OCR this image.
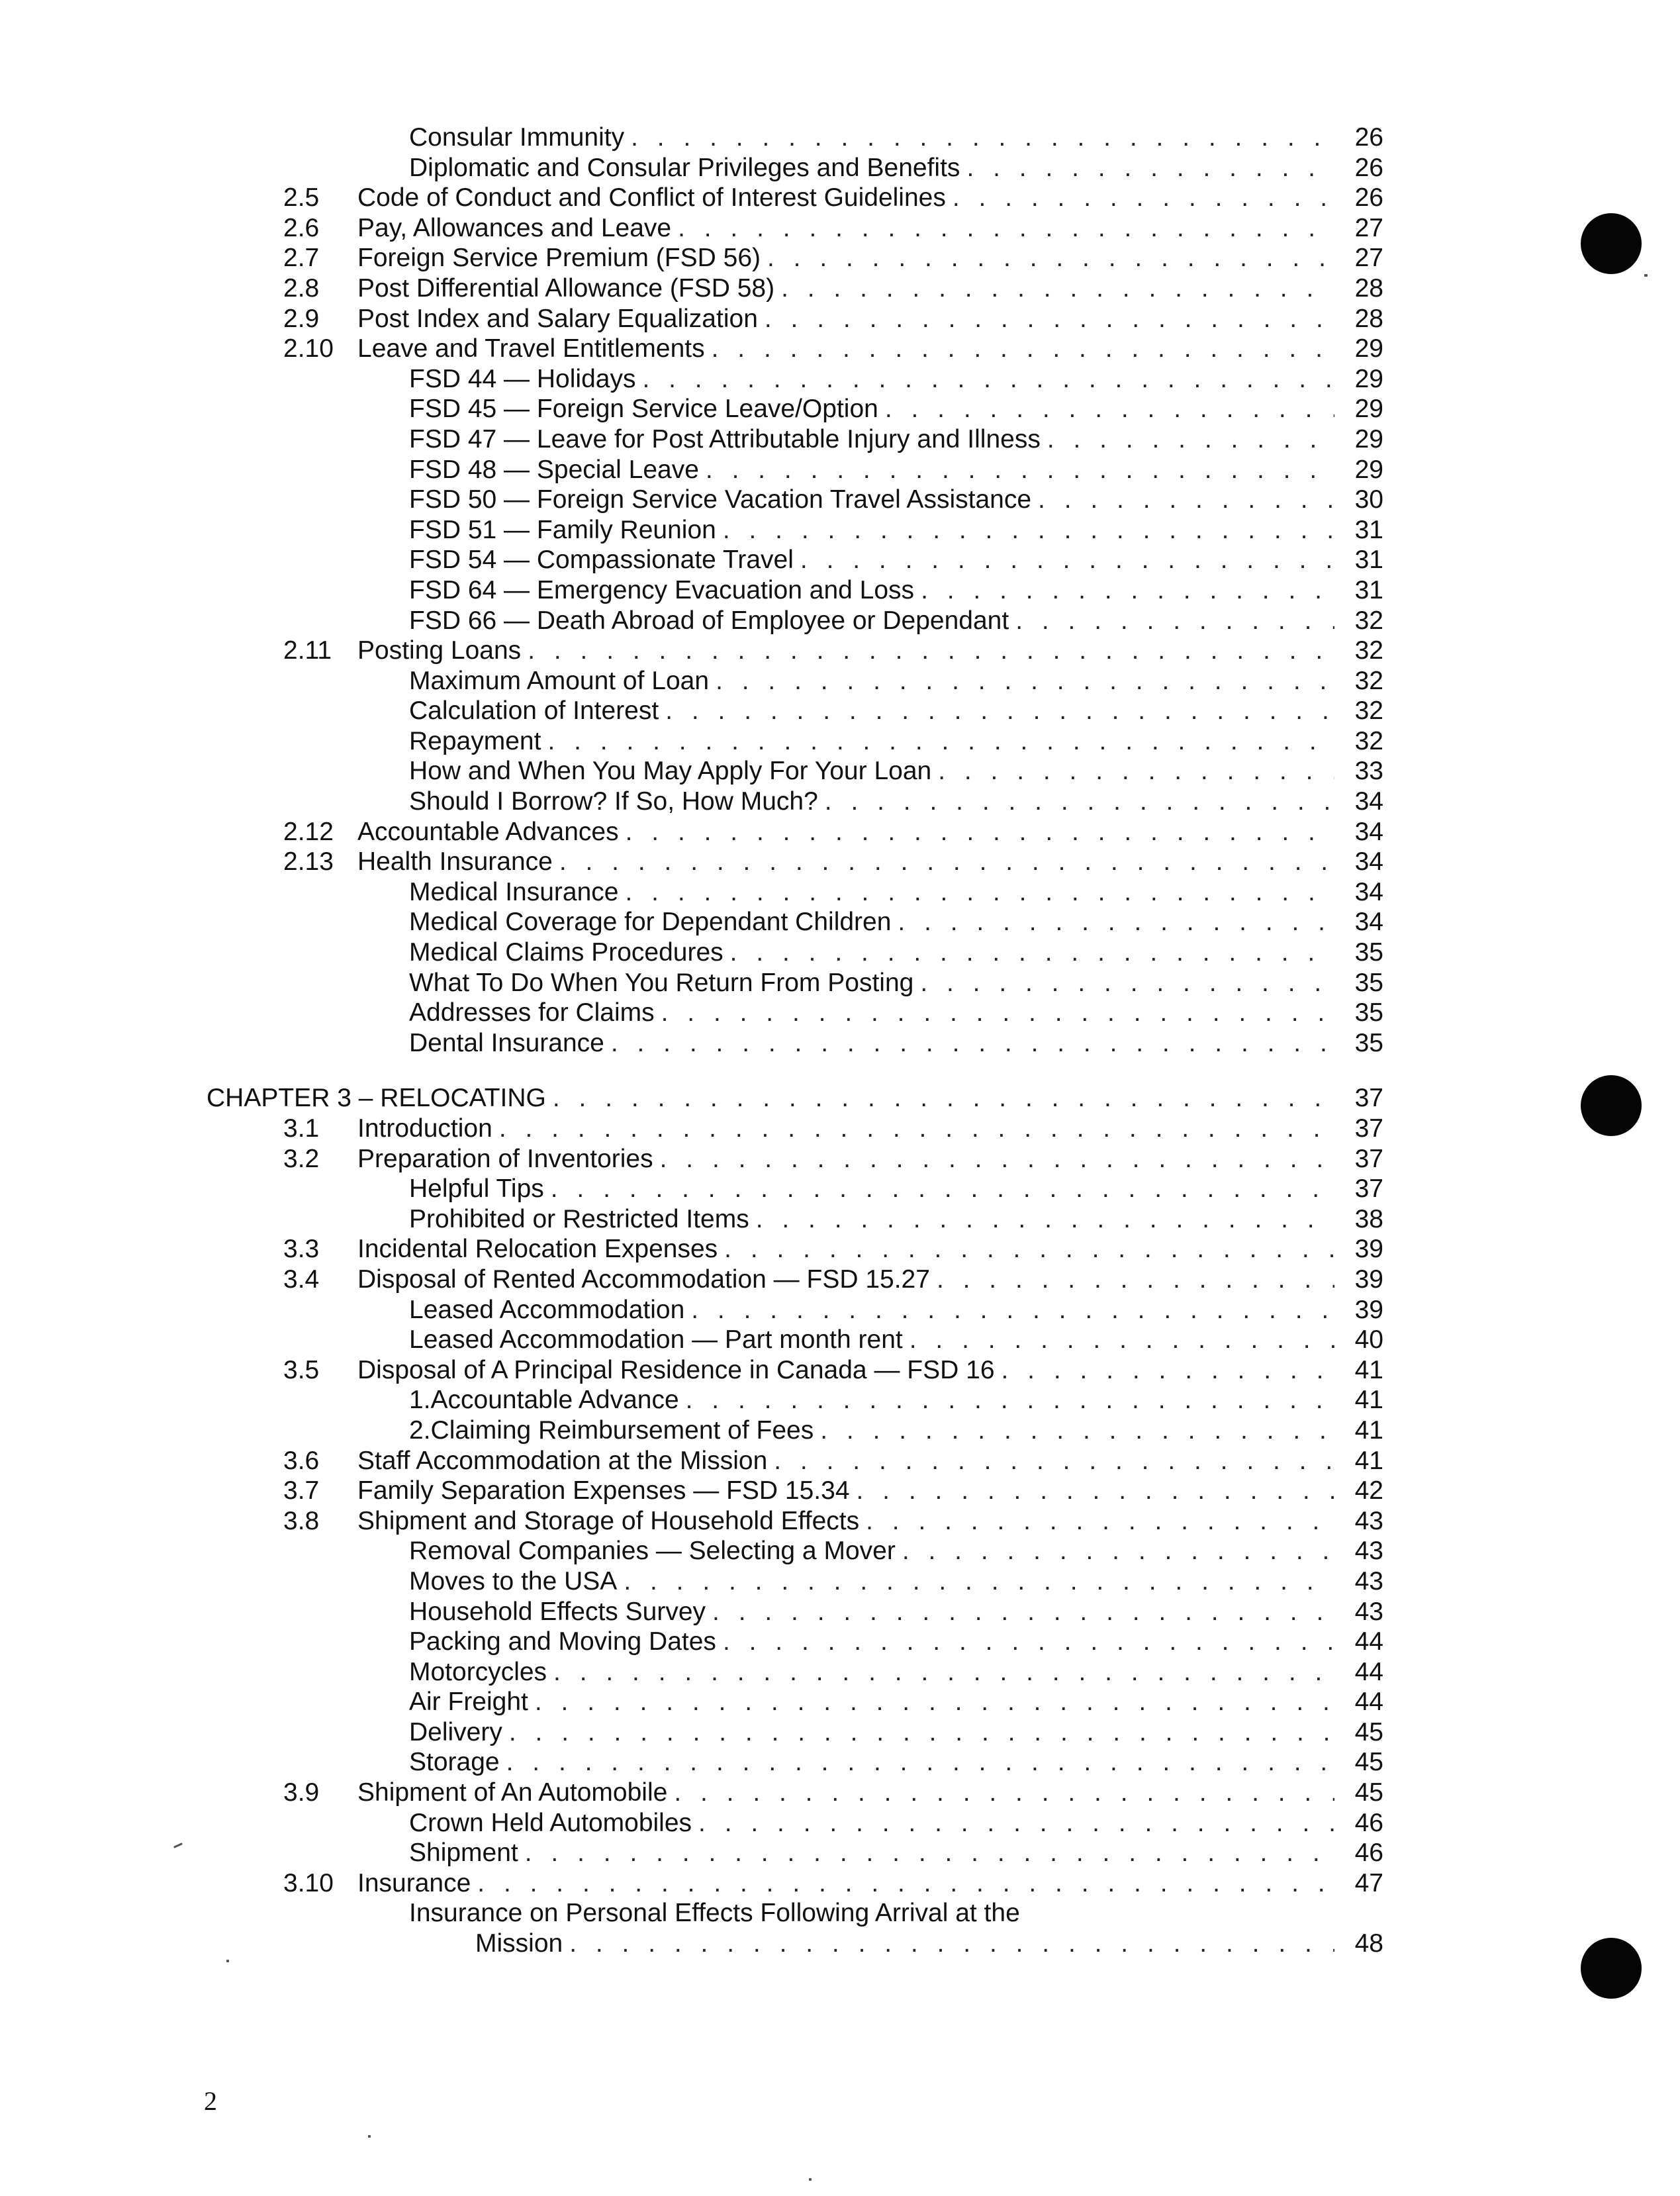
Consular Immunity . . .	26
Diplomatic and Consular Privileges and Benefits . . .	26
2.5	Code of Conduct and Conflict of Interest Guidelines . . .	26
2.6	Pay, Allowances and Leave . . .	27
2.7	Foreign Service Premium (FSD 56) . . .	27
2.8	Post Differential Allowance (FSD 58) . . .	28
2.9	Post Index and Salary Equalization . . .	28
2.10 Leave and Travel Entitlements . . .	29
FSD 44 — Holidays . . .	29
FSD 45 — Foreign Service Leave/Option . . .	29
FSD 47 — Leave for Post Attributable Injury and Illness . . .	29
FSD 48 — Special Leave . . .	29
FSD 50 — Foreign Service Vacation Travel Assistance . . .	30
FSD 51 — Family Reunion . . .	31
FSD 54 — Compassionate Travel . . .	31
FSD 64 — Emergency Evacuation and Loss . . .	31
FSD 66 — Death Abroad of Employee or Dependant . . .	32
2.11 Posting Loans . . .	32
Maximum Amount of Loan . . .	32
Calculation of Interest . . .	32
Repayment . . .	32
How and When You May Apply For Your Loan . . .	33
Should I Borrow? If So, How Much? . . .	34
2.12 Accountable Advances . . .	34
2.13 Health Insurance . . .	34
Medical Insurance . . .	34
Medical Coverage for Dependant Children . . .	34
Medical Claims Procedures . . .	35
What To Do When You Return From Posting . . .	35
Addresses for Claims . . .	35
Dental Insurance . . .	35
CHAPTER 3 – RELOCATING . . .	37
3.1	Introduction . . .	37
3.2	Preparation of Inventories . . .	37
Helpful Tips . . .	37
Prohibited or Restricted Items . . .	38
3.3	Incidental Relocation Expenses . . .	39
3.4	Disposal of Rented Accommodation — FSD 15.27 . . .	39
Leased Accommodation . . .	39
Leased Accommodation — Part month rent . . .	40
3.5	Disposal of A Principal Residence in Canada — FSD 16 . . .	41
1. Accountable Advance . . .	41
2. Claiming Reimbursement of Fees . . .	41
3.6	Staff Accommodation at the Mission . . .	41
3.7	Family Separation Expenses — FSD 15.34 . . .	42
3.8	Shipment and Storage of Household Effects . . .	43
Removal Companies — Selecting a Mover . . .	43
Moves to the USA . . .	43
Household Effects Survey . . .	43
Packing and Moving Dates . . .	44
Motorcycles . . .	44
Air Freight . . .	44
Delivery . . .	45
Storage . . .	45
3.9	Shipment of An Automobile . . .	45
Crown Held Automobiles . . .	46
Shipment . . .	46
3.10 Insurance . . .	47
Insurance on Personal Effects Following Arrival at the
Mission . . .	48
2
